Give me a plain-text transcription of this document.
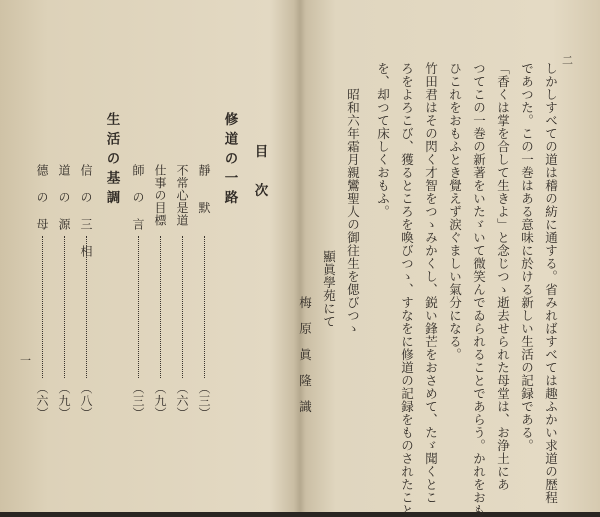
二
しかしすべての道は稽の紡に通する。省みればすべては趣ふかい求道の歴程
であつた。この一巻はある意味に於ける新しい生活の記録である。
「香くは掌を合して生きよ」と念じつゝ逝去せられた母堂は、お浄土にあ
つてこの一巻の新著をいたゞいて微笑んでゐられることであらう。かれをおも
ひこれをおもふとき覺えず涙ぐましい氣分になる。
竹田君はその閃く才智をつゝみかくし、鋭い鋒芒をおさめて、たゞ聞くとこ
ろをよろこび、獲るところを喚びつゝ、すなをに修道の記録をものされたこと
を、却つて床しくおもふ。
昭和六年霜月親鸞聖人の御往生を偲びつゝ
顯眞學苑にて
梅　原　眞　隆　識
目　次
修道の一路
靜　　默
（三）
不常心是道
（六）
仕事の目標
（九）
師 の 言
（三）
生活の基調
信 の 三 相
（八）
道 の 源
（九）
德 の 母
（六）
一
